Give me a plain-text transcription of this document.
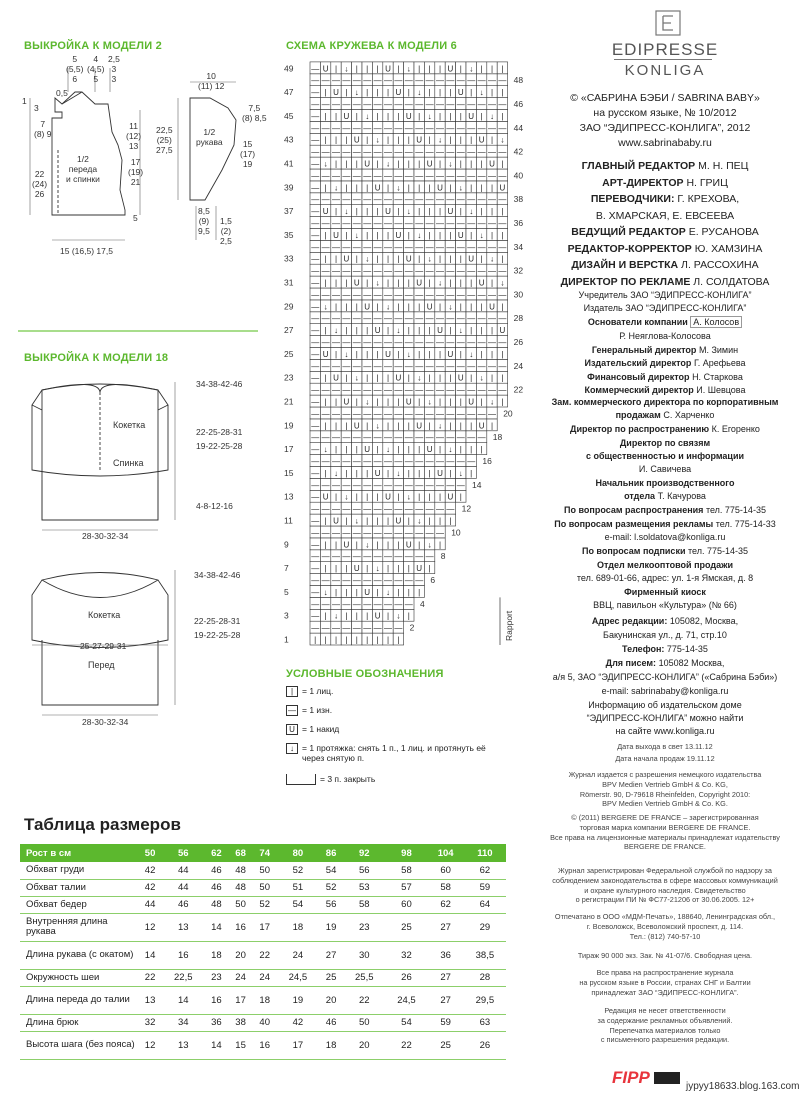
ВЫКРОЙКА К МОДЕЛИ 2
5
(5,5)
6
4
(4,5)
5
2,5
3
3
0,5
1
3
7
(8) 9
22
(24)
26
11
(12)
13
17
(19)
21
5
1/2
переда
и спинки
15 (16,5) 17,5
10
(11) 12
7,5
(8) 8,5
22,5
(25)
27,5
1/2
рукава	15
(17)
19
8,5
(9)
9,5
1,5
(2)
2,5
ВЫКРОЙКА К МОДЕЛИ 18
Кокетка
Спинка
34-38-42-46
22-25-28-31
19-22-25-28
4-8-12-16
28-30-32-34
Кокетка
25-27-29-31
Перед
34-38-42-46
22-25-28-31
19-22-25-28
28-30-32-34
СХЕМА КРУЖЕВА К МОДЕЛИ 6
| | | | | | | | |
1
— — — — — — — — — 2
— | ↓ | | | U | ↓ |
3
— — — — — — — — — — 4
— ↓ | | | U | ↓ | | |
5
— — — — — — — — — — — 6
— | | | U | ↓ | | | U |
7
— — — — — — — — — — — — 8
— | | U | ↓ | | | U | ↓ |
9
— — — — — — — — — — — — — 10
— | U | ↓ | | | U | ↓ | | |
11
— — — — — — — — — — — — — — 12
— U | ↓ | | | U | ↓ | | | U |
13
— — — — — — — — — — — — — — — 14
— | ↓ | | | U | ↓ | | | U | ↓ |
15
— — — — — — — — — — — — — — — — 16
— ↓ | | | U | ↓ | | | U | ↓ | | |
17
— — — — — — — — — — — — — — — — — 18
— | | | U | ↓ | | | U | ↓ | | | U |
19
— — — — — — — — — — — — — — — — — — 20
— | | U | ↓ | | | U | ↓ | | | U | ↓ |
21
— — — — — — — — — — — — — — — — — — — 22
— | U | ↓ | | | U | ↓ | | | U | ↓ | |
23
— — — — — — — — — — — — — — — — — — — 24
— U | ↓ | | | U | ↓ | | | U | ↓ | | |
25
— — — — — — — — — — — — — — — — — — — 26
— | ↓ | | | U | ↓ | | | U | ↓ | | | U
27
— — — — — — — — — — — — — — — — — — — 28
— ↓ | | | U | ↓ | | | U | ↓ | | | U |
29
— — — — — — — — — — — — — — — — — — — 30
— | | | U | ↓ | | | U | ↓ | | | U | ↓
31
— — — — — — — — — — — — — — — — — — — 32
— | | U | ↓ | | | U | ↓ | | | U | ↓ |
33
— — — — — — — — — — — — — — — — — — — 34
— | U | ↓ | | | U | ↓ | | | U | ↓ | |
35
— — — — — — — — — — — — — — — — — — — 36
— U | ↓ | | | U | ↓ | | | U | ↓ | | |
37
— — — — — — — — — — — — — — — — — — — 38
— | ↓ | | | U | ↓ | | | U | ↓ | | | U
39
— — — — — — — — — — — — — — — — — — — 40
— ↓ | | | U | ↓ | | | U | ↓ | | | U |
41
— — — — — — — — — — — — — — — — — — — 42
— | | | U | ↓ | | | U | ↓ | | | U | ↓
43
— — — — — — — — — — — — — — — — — — — 44
— | | U | ↓ | | | U | ↓ | | | U | ↓ |
45
— — — — — — — — — — — — — — — — — — — 46
— | U | ↓ | | | U | ↓ | | | U | ↓ | |
47
— — — — — — — — — — — — — — — — — — — 48
— U | ↓ | | | U | ↓ | | | U | ↓ | | |
49
Rapport
УСЛОВНЫЕ ОБОЗНАЧЕНИЯ
|	= 1 лиц.
— = 1 изн.
U = 1 накид
↓ = 1 протяжка: снять 1 п., 1 лиц. и протянуть её через снятую п.
= 3 п. закрыть
Таблица размеров
Рост в см	50	56	62	68	74	80	86	92	98	104	110
Обхват груди	42	44	46	48	50	52	54	56	58	60	62
Обхват талии	42	44	46	48	50	51	52	53	57	58	59
Обхват бедер	44	46	48	50	52	54	56	58	60	62	64
Внутренняя длина рукава	12	13	14	16	17	18	19	23	25	27	29
Длина рукава (с окатом)	14	16	18	20	22	24	27	30	32	36	38,5
Окружность шеи	22	22,5	23	24	24	24,5	25	25,5	26	27	28
Длина переда до талии	13	14	16	17	18	19	20	22	24,5	27	29,5
Длина брюк	32	34	36	38	40	42	46	50	54	59	63
Высота шага (без пояса)	12	13	14	15	16	17	18	20	22	25	26
EDIPRESSE
KONLIGA
© «САБРИНА БЭБИ / SABRINA BABY»
на русском языке, № 10/2012
ЗАО “ЭДИПРЕСС-КОНЛИГА”, 2012
www.sabrinababy.ru
ГЛАВНЫЙ РЕДАКТОР М. Н. ПЕЦ
АРТ-ДИРЕКТОР Н. ГРИЦ
ПЕРЕВОДЧИКИ: Г. КРЕХОВА,
В. ХМАРСКАЯ, Е. ЕВСЕЕВА
ВЕДУЩИЙ РЕДАКТОР Е. РУСАНОВА
РЕДАКТОР-КОРРЕКТОР Ю. ХАМЗИНА
ДИЗАЙН И ВЕРСТКА Л. РАССОХИНА
ДИРЕКТОР ПО РЕКЛАМЕ Л. СОЛДАТОВА
Учредитель ЗАО “ЭДИПРЕСС-КОНЛИГА”
Издатель ЗАО “ЭДИПРЕСС-КОНЛИГА”
Основатели компании А. Колосов
Р. Неяглова-Колосова
Генеральный директор М. Зимин
Издательский директор Г. Арефьева
Финансовый директор Н. Старкова
Коммерческий директор И. Шевцова
Зам. коммерческого директора по корпоративным
продажам С. Харченко
Директор по распространению К. Егоренко
Директор по связям
с общественностью и информации
И. Савичева
Начальник производственного
отдела Т. Качурова
По вопросам распространения тел. 775-14-35
По вопросам размещения рекламы тел. 775-14-33
e-mail: l.soldatova@konliga.ru
По вопросам подписки тел. 775-14-35
Отдел мелкооптовой продажи
тел. 689-01-66, адрес: ул. 1-я Ямская, д. 8
Фирменный киоск
ВВЦ, павильон «Культура» (№ 66)
Адрес редакции: 105082, Москва,
Бакунинская ул., д. 71, стр.10
Телефон: 775-14-35
Для писем: 105082 Москва,
а/я 5, ЗАО “ЭДИПРЕСС-КОНЛИГА” («Сабрина Бэби»)
e-mail: sabrinababy@konliga.ru
Информацию об издательском доме
“ЭДИПРЕСС-КОНЛИГА” можно найти
на сайте www.konliga.ru
Дата выхода в свет 13.11.12
Дата начала продаж 19.11.12
Журнал издается с разрешения немецкого издательства
BPV Medien Vertrieb GmbH & Co. KG,
Römerstr. 90, D-79618 Rheinfelden, Copyright 2010:
BPV Medien Vertrieb GmbH & Co. KG.
© (2011) BERGERE DE FRANCE – зарегистрированная
торговая марка компании BERGERE DE FRANCE.
Все права на лицензионные материалы принадлежат издательству
BERGERE DE FRANCE.
Журнал зарегистрирован Федеральной службой по надзору за
соблюдением законодательства в сфере массовых коммуникаций
и охране культурного наследия. Свидетельство
о регистрации ПИ № ФС77-21206 от 30.06.2005. 12+
Отпечатано в ООО «МДМ-Печать», 188640, Ленинградская обл.,
г. Всеволожск, Всеволожский проспект, д. 114.
Тел.: (812) 740-57-10
Тираж 90 000 экз. Зак. № 41-07/6. Свободная цена.
Все права на распространение журнала
на русском языке в России, странах СНГ и Балтии
принадлежат ЗАО “ЭДИПРЕСС-КОНЛИГА”.
Редакция не несет ответственности
за содержание рекламных объявлений.
Перепечатка материалов только
с письменного разрешения редакции.
FIPP	jypyy18633.blog.163.com
